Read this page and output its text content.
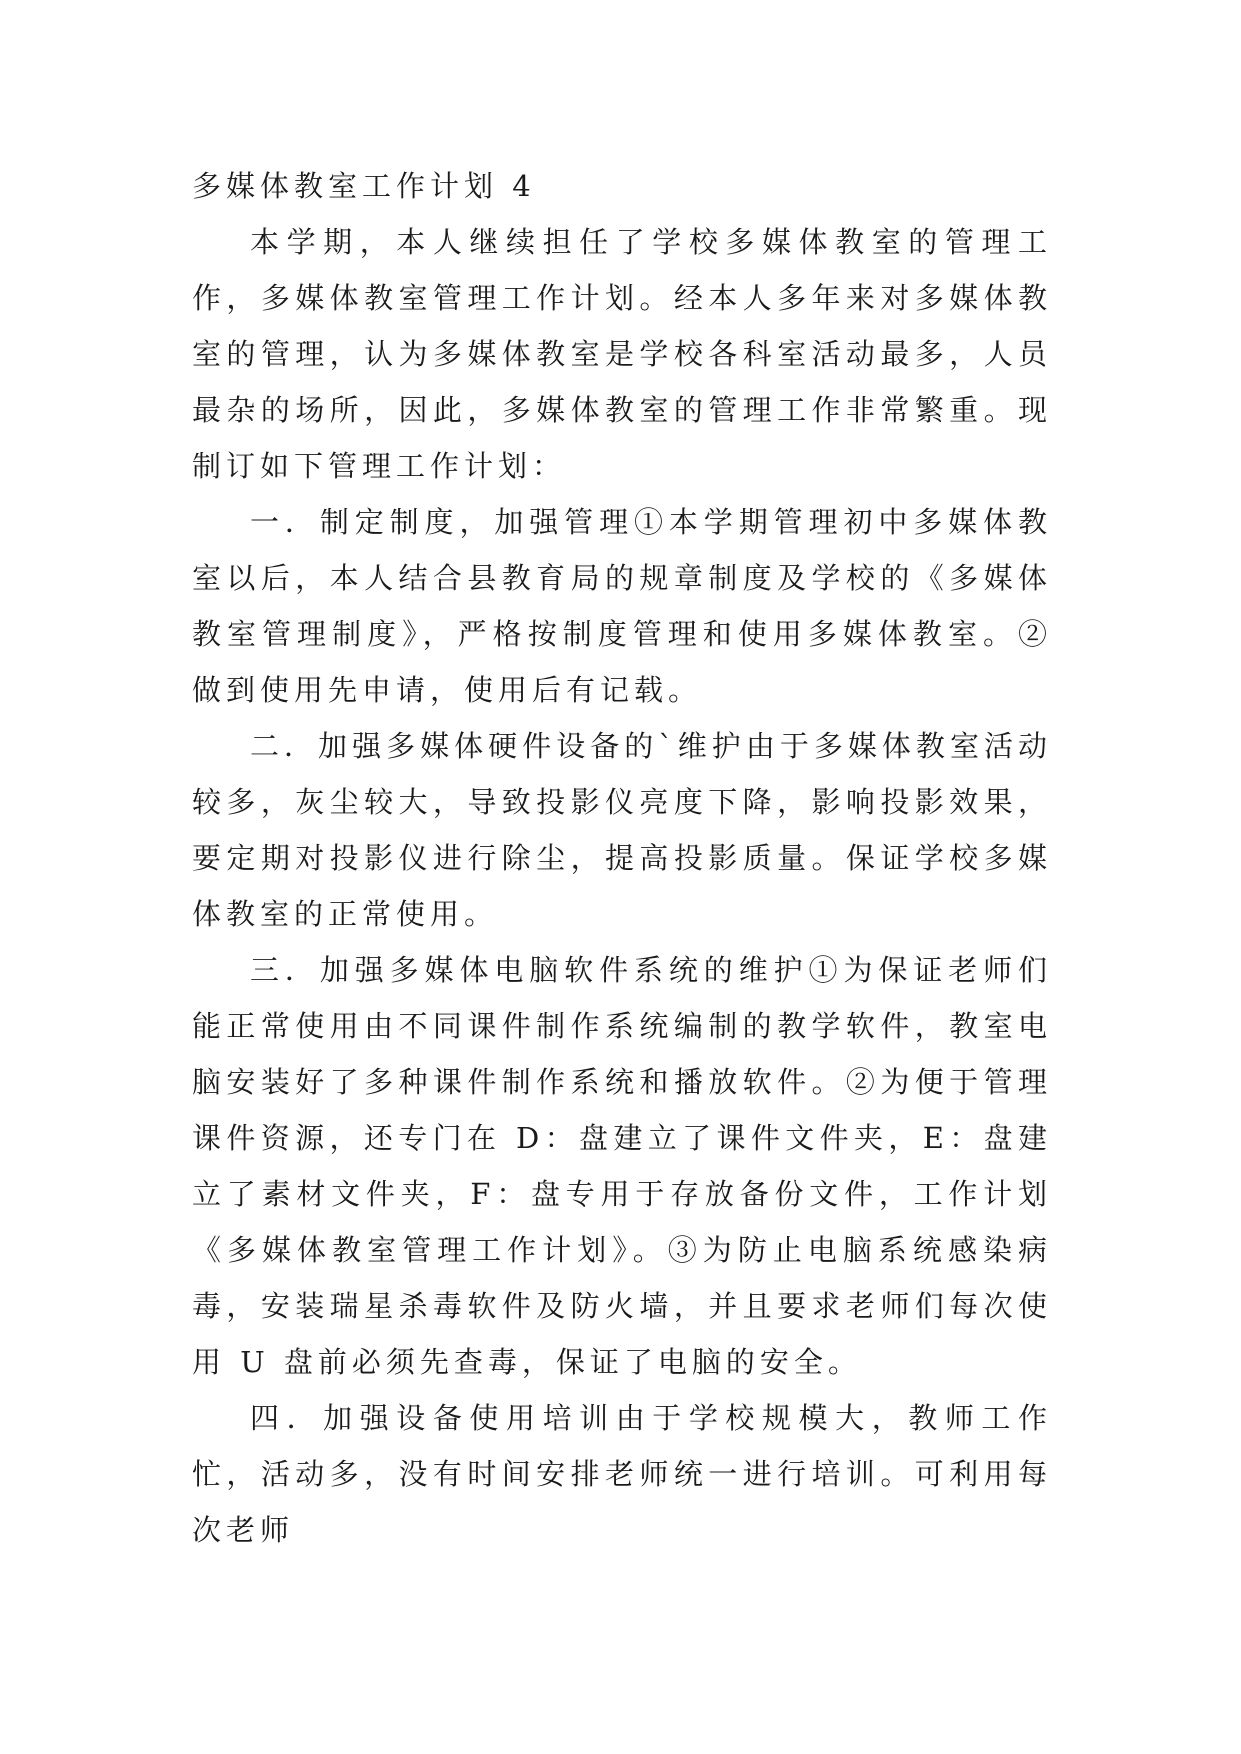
多媒体教室工作计划 4

本学期，本人继续担任了学校多媒体教室的管理工作，多媒体教室管理工作计划。经本人多年来对多媒体教室的管理，认为多媒体教室是学校各科室活动最多，人员最杂的场所，因此，多媒体教室的管理工作非常繁重。现制订如下管理工作计划：

一．制定制度，加强管理①本学期管理初中多媒体教室以后，本人结合县教育局的规章制度及学校的《多媒体教室管理制度》，严格按制度管理和使用多媒体教室。②做到使用先申请，使用后有记载。

二．加强多媒体硬件设备的`维护由于多媒体教室活动较多，灰尘较大，导致投影仪亮度下降，影响投影效果，要定期对投影仪进行除尘，提高投影质量。保证学校多媒体教室的正常使用。

三．加强多媒体电脑软件系统的维护①为保证老师们能正常使用由不同课件制作系统编制的教学软件，教室电脑安装好了多种课件制作系统和播放软件。②为便于管理课件资源，还专门在 D：盘建立了课件文件夹，E：盘建立了素材文件夹，F：盘专用于存放备份文件，工作计划《多媒体教室管理工作计划》。③为防止电脑系统感染病毒，安装瑞星杀毒软件及防火墙，并且要求老师们每次使用 U 盘前必须先查毒，保证了电脑的安全。

四．加强设备使用培训由于学校规模大，教师工作忙，活动多，没有时间安排老师统一进行培训。可利用每次老师
